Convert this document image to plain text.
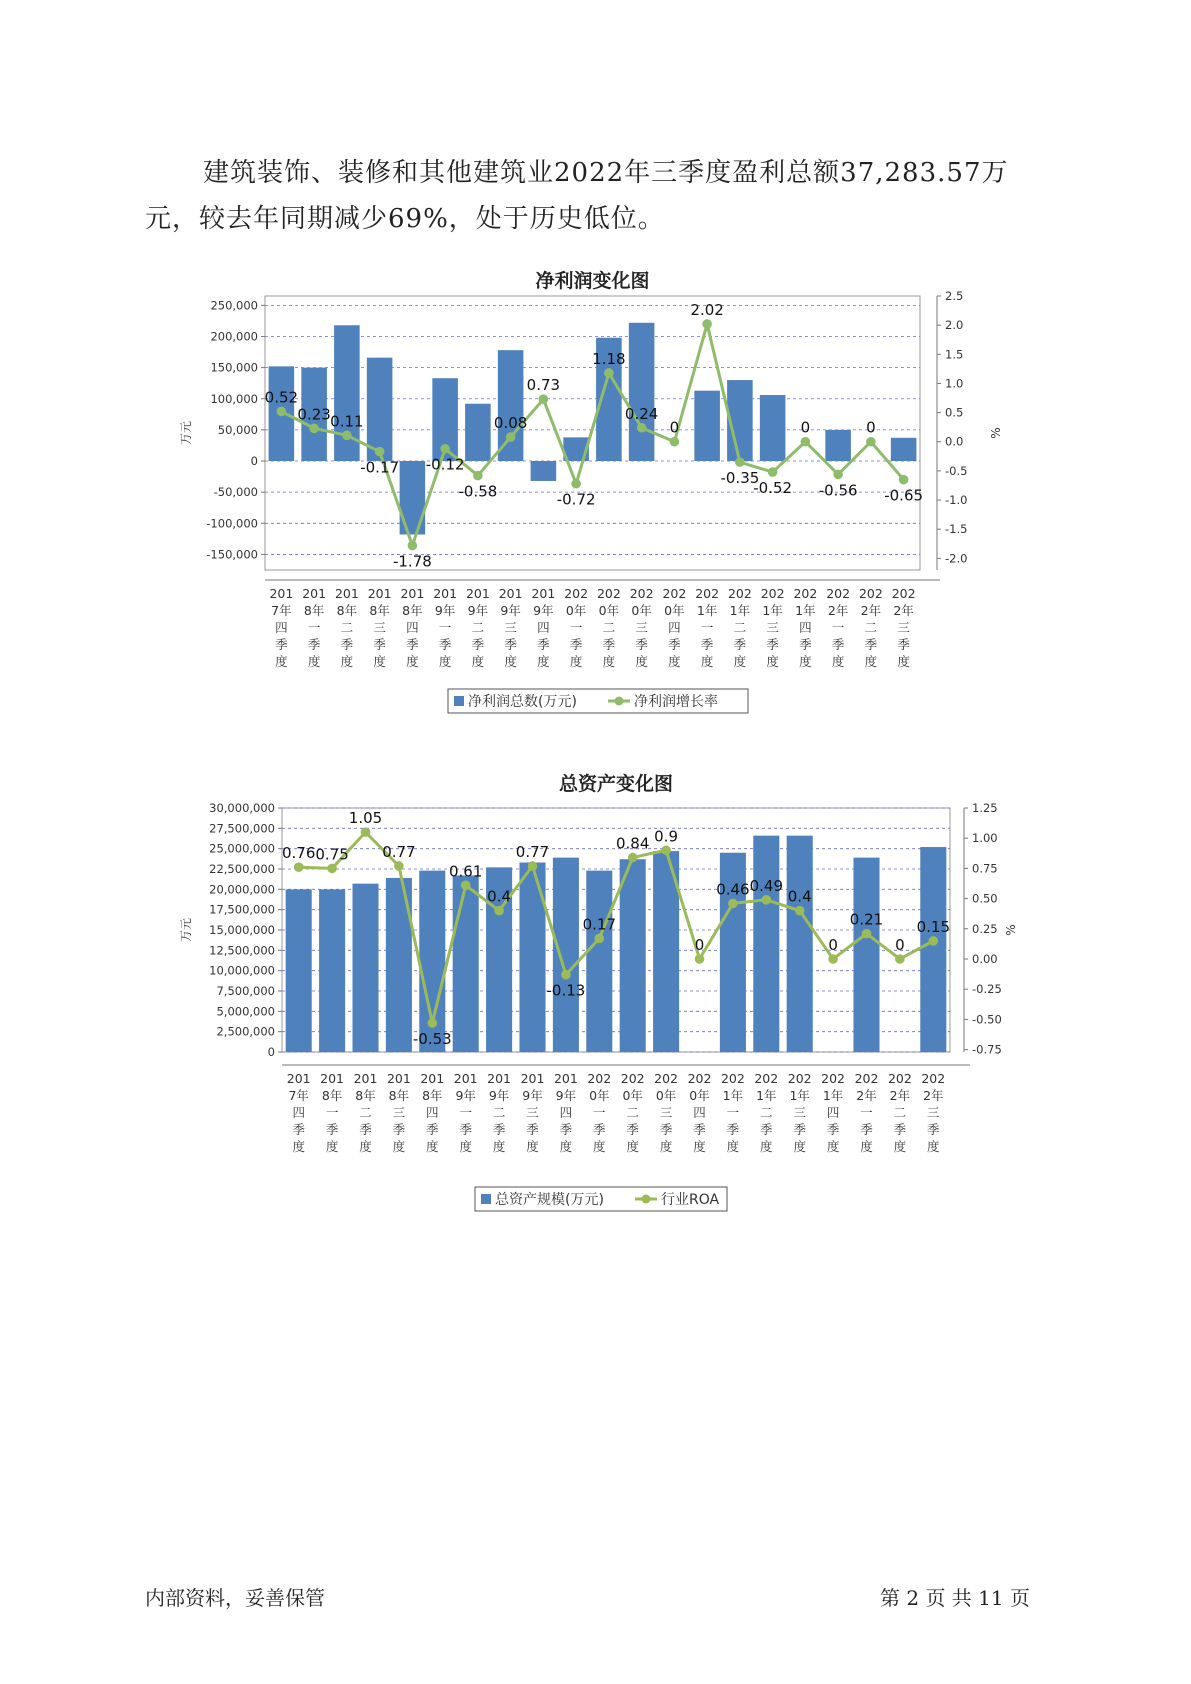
建筑装饰、装修和其他建筑业2022年三季度盈利总额37,283.57万元，较去年同期减少69%，处于历史低位。

净利润变化图
-150,000
-100,000
-50,000
0
50,000
100,000
150,000
200,000
250,000
-2.0
-1.5
-1.0
-0.5
0.0
0.5
1.0
1.5
2.0
2.5
万元	%
0.52
0.23 0.11
-0.17
-1.78
-0.12
-0.58
0.08
0.73
-0.72
1.18
0.24
0
2.02
-0.35
-0.52
0
-0.56
0
-0.65
201
7年
四
季
度
201
8年
一
季
度
201
8年
二
季
度
201
8年
三
季
度
201
8年
四
季
度
201
9年
一
季
度
201
9年
二
季
度
201
9年
三
季
度
201
9年
四
季
度
202
0年
一
季
度
202
0年
二
季
度
202
0年
三
季
度
202
0年
四
季
度
202
1年
一
季
度
202
1年
二
季
度
202
1年
三
季
度
202
1年
四
季
度
202
2年
一
季
度
202
2年
二
季
度
202
2年
三
季
度
净利润总数(万元)	净利润增长率
总资产变化图
0
2,500,000
5,000,000
7,500,000
10,000,000
12,500,000
15,000,000
17,500,000
20,000,000
22,500,000
25,000,000
27,500,000
30,000,000
-0.75
-0.50
-0.25
0.00
0.25
0.50
0.75
1.00
1.25
万元	%
0.76 0.75
1.05
0.77
-0.53
0.61
0.4
0.77
-0.13
0.17
0.84 0.9
0
0.46 0.49
0.4
0
0.21
0
0.15
201
7年
四
季
度
201
8年
一
季
度
201
8年
二
季
度
201
8年
三
季
度
201
8年
四
季
度
201
9年
一
季
度
201
9年
二
季
度
201
9年
三
季
度
201
9年
四
季
度
202
0年
一
季
度
202
0年
二
季
度
202
0年
三
季
度
202
0年
四
季
度
202
1年
一
季
度
202
1年
二
季
度
202
1年
三
季
度
202
1年
四
季
度
202
2年
一
季
度
202
2年
二
季
度
202
2年
三
季
度
总资产规模(万元)	行业ROA
内部资料，妥善保管	第 2 页 共 11 页
